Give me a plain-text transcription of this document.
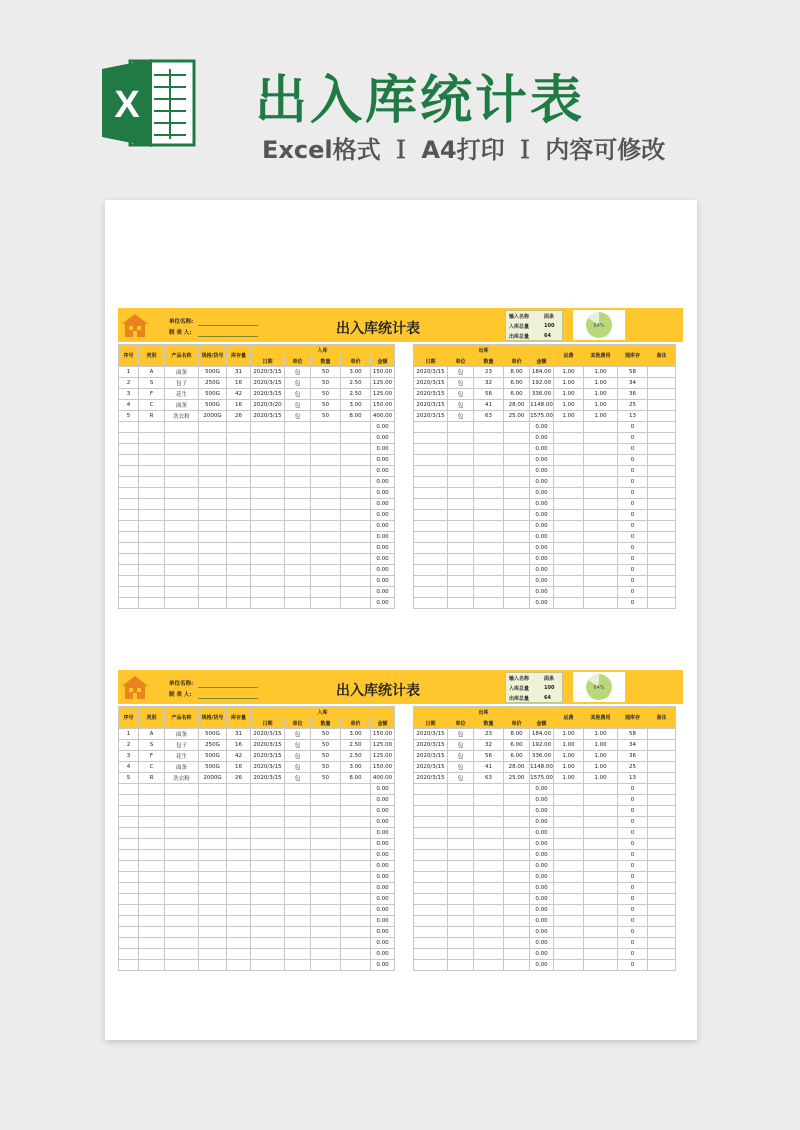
X 出入库统计表
Excel格式 Ｉ A4打印 Ｉ 内容可修改
单位名称:
制 表 人:	出入库统计表
输入名称	面条
入库总量	100
出库总量	64
64%
序号	类别	产品名称	规格/货号	库存量	入库				
					日期	单位	数量	单价	金额
1	A	面条	500G	31	2020/3/15	包	50	3.00	150.00
2	S	包子	250G	16	2020/3/15	包	50	2.50	125.00
3	F	花生	500G	42	2020/3/15	包	50	2.50	125.00
4	C	面条	500G	16	2020/3/20	包	50	3.00	150.00
5	R	洗衣粉	2000G	26	2020/3/15	包	50	8.00	400.00
									0.00
									0.00
									0.00
									0.00
									0.00
									0.00
									0.00
									0.00
									0.00
									0.00
									0.00
									0.00
									0.00
									0.00
									0.00
									0.00
									0.00
出库					运费	其他费用	现库存	备注
日期	单位	数量	单价	金额				
2020/3/15	包	23	8.00	184.00	1.00	1.00	58	
2020/3/15	包	32	6.00	192.00	1.00	1.00	34	
2020/3/15	包	56	6.00	336.00	1.00	1.00	36	
2020/3/15	包	41	28.00	1148.00	1.00	1.00	25	
2020/3/15	包	63	25.00	1575.00	1.00	1.00	13	
				0.00			0	
				0.00			0	
				0.00			0	
				0.00			0	
				0.00			0	
				0.00			0	
				0.00			0	
				0.00			0	
				0.00			0	
				0.00			0	
				0.00			0	
				0.00			0	
				0.00			0	
				0.00			0	
				0.00			0	
				0.00			0	
				0.00			0	
单位名称:
制 表 人:	出入库统计表
输入名称	面条
入库总量	100
出库总量	64
64%
序号	类别	产品名称	规格/货号	库存量	入库				
					日期	单位	数量	单价	金额
1	A	面条	500G	31	2020/3/15	包	50	3.00	150.00
2	S	包子	250G	16	2020/3/15	包	50	2.50	125.00
3	F	花生	500G	42	2020/3/15	包	50	2.50	125.00
4	C	面条	500G	16	2020/3/15	包	50	3.00	150.00
5	R	洗衣粉	2000G	26	2020/3/15	包	50	8.00	400.00
									0.00
									0.00
									0.00
									0.00
									0.00
									0.00
									0.00
									0.00
									0.00
									0.00
									0.00
									0.00
									0.00
									0.00
									0.00
									0.00
									0.00
出库					运费	其他费用	现库存	备注
日期	单位	数量	单价	金额				
2020/3/15	包	23	8.00	184.00	1.00	1.00	58	
2020/3/15	包	32	6.00	192.00	1.00	1.00	34	
2020/3/15	包	56	6.00	336.00	1.00	1.00	36	
2020/3/15	包	41	28.00	1148.00	1.00	1.00	25	
2020/3/15	包	63	25.00	1575.00	1.00	1.00	13	
				0.00			0	
				0.00			0	
				0.00			0	
				0.00			0	
				0.00			0	
				0.00			0	
				0.00			0	
				0.00			0	
				0.00			0	
				0.00			0	
				0.00			0	
				0.00			0	
				0.00			0	
				0.00			0	
				0.00			0	
				0.00			0	
				0.00			0	
